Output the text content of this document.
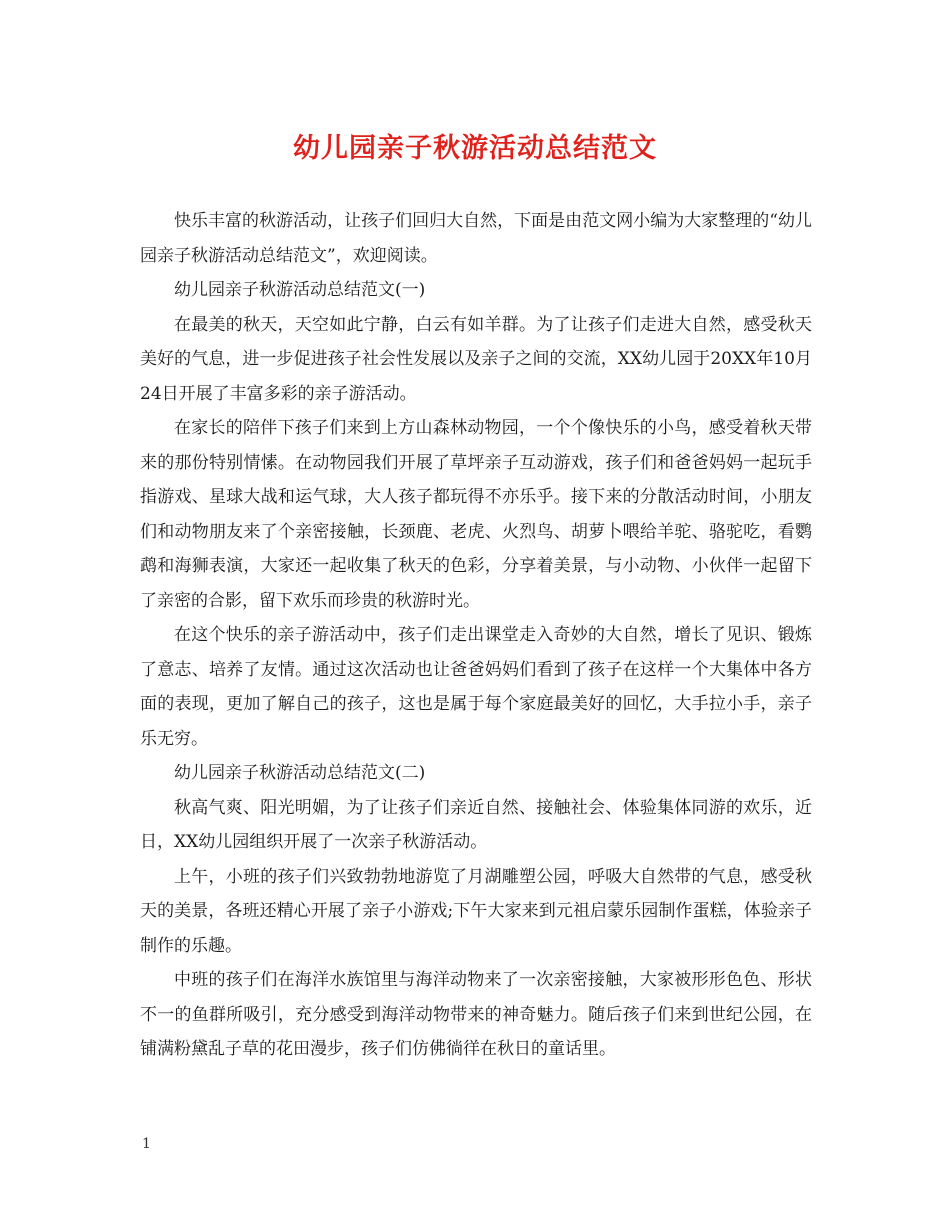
幼儿园亲子秋游活动总结范文

快乐丰富的秋游活动，让孩子们回归大自然，下面是由范文网小编为大家整理的“幼儿园亲子秋游活动总结范文”，欢迎阅读。

幼儿园亲子秋游活动总结范文(一)

在最美的秋天，天空如此宁静，白云有如羊群。为了让孩子们走进大自然，感受秋天美好的气息，进一步促进孩子社会性发展以及亲子之间的交流，XX幼儿园于20XX年10月24日开展了丰富多彩的亲子游活动。

在家长的陪伴下孩子们来到上方山森林动物园，一个个像快乐的小鸟，感受着秋天带来的那份特别情愫。在动物园我们开展了草坪亲子互动游戏，孩子们和爸爸妈妈一起玩手指游戏、星球大战和运气球，大人孩子都玩得不亦乐乎。接下来的分散活动时间，小朋友们和动物朋友来了个亲密接触，长颈鹿、老虎、火烈鸟、胡萝卜喂给羊驼、骆驼吃，看鹦鹉和海狮表演，大家还一起收集了秋天的色彩，分享着美景，与小动物、小伙伴一起留下了亲密的合影，留下欢乐而珍贵的秋游时光。

在这个快乐的亲子游活动中，孩子们走出课堂走入奇妙的大自然，增长了见识、锻炼了意志、培养了友情。通过这次活动也让爸爸妈妈们看到了孩子在这样一个大集体中各方面的表现，更加了解自己的孩子，这也是属于每个家庭最美好的回忆，大手拉小手，亲子乐无穷。

幼儿园亲子秋游活动总结范文(二)

秋高气爽、阳光明媚，为了让孩子们亲近自然、接触社会、体验集体同游的欢乐，近日，XX幼儿园组织开展了一次亲子秋游活动。

上午，小班的孩子们兴致勃勃地游览了月湖雕塑公园，呼吸大自然带的气息，感受秋天的美景，各班还精心开展了亲子小游戏;下午大家来到元祖启蒙乐园制作蛋糕，体验亲子制作的乐趣。

中班的孩子们在海洋水族馆里与海洋动物来了一次亲密接触，大家被形形色色、形状不一的鱼群所吸引，充分感受到海洋动物带来的神奇魅力。随后孩子们来到世纪公园，在铺满粉黛乱子草的花田漫步，孩子们仿佛徜徉在秋日的童话里。

1
